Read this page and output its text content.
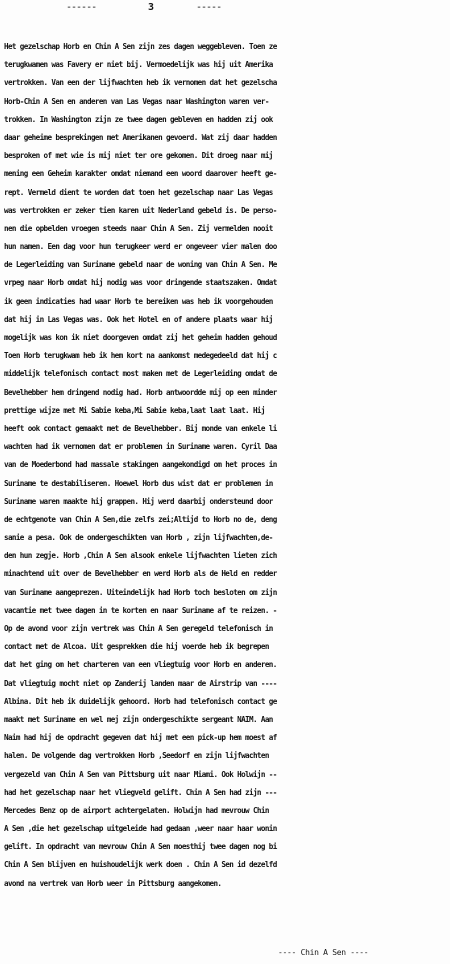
------	3	-----
Het gezelschap Horb en Chin A Sen zijn zes dagen weggebleven. Toen ze
terugkwamen was Favery er niet bij. Vermoedelijk was hij uit Amerika
vertrokken. Van een der lijfwachten heb ik vernomen dat het gezelscha
Horb-Chin A Sen en anderen van Las Vegas naar Washington waren ver-
trokken. In Washington zijn ze twee dagen gebleven en hadden zij ook
daar geheime besprekingen met Amerikanen gevoerd. Wat zij daar hadden
besproken of met wie is mij niet ter ore gekomen. Dit droeg naar mij
mening een Geheim karakter omdat niemand een woord daarover heeft ge-
rept. Vermeld dient te worden dat toen het gezelschap naar Las Vegas
was vertrokken er zeker tien karen uit Nederland gebeld is. De perso-
nen die opbelden vroegen steeds naar Chin A Sen. Zij vermelden nooit
hun namen. Een dag voor hun terugkeer werd er ongeveer vier malen doo
de Legerleiding van Suriname gebeld naar de woning van Chin A Sen. Me
vrpeg naar Horb omdat hij nodig was voor dringende staatszaken. Omdat
ik geen indicaties had waar Horb te bereiken was heb ik voorgehouden
dat hij in Las Vegas was. Ook het Hotel en of andere plaats waar hij
mogelijk was kon ik niet doorgeven omdat zij het geheim hadden gehoud
Toen Horb terugkwam heb ik hem kort na aankomst medegedeeld dat hij c
middelijk telefonisch contact most maken met de Legerleiding omdat de
Bevelhebber hem dringend nodig had. Horb antwoordde mij op een minder
prettige wijze met Mi Sabie keba,Mi Sabie keba,laat laat laat. Hij
heeft ook contact gemaakt met de Bevelhebber. Bij monde van enkele li
wachten had ik vernomen dat er problemen in Suriname waren. Cyril Daa
van de Moederbond had massale stakingen aangekondigd om het proces in
Suriname te destabiliseren. Hoewel Horb dus wist dat er problemen in
Suriname waren maakte hij grappen. Hij werd daarbij ondersteund door
de echtgenote van Chin A Sen,die zelfs zei;Altijd to Horb no de, deng
sanie a pesa. Ook de ondergeschikten van Horb , zijn lijfwachten,de-
den hun zegje. Horb ,Chin A Sen alsook enkele lijfwachten lieten zich
minachtend uit over de Bevelhebber en werd Horb als de Held en redder
van Suriname aangeprezen. Uiteindelijk had Horb toch besloten om zijn
vacantie met twee dagen in te korten en naar Suriname af te reizen. -
Op de avond voor zijn vertrek was Chin A Sen geregeld telefonisch in
contact met de Alcoa. Uit gesprekken die hij voerde heb ik begrepen
dat het ging om het charteren van een vliegtuig voor Horb en anderen.
Dat vliegtuig mocht niet op Zanderij landen maar de Airstrip van ----
Albina. Dit heb ik duidelijk gehoord. Horb had telefonisch contact ge
maakt met Suriname en wel mej zijn ondergeschikte sergeant NAIM. Aan
Naim had hij de opdracht gegeven dat hij met een pick-up hem moest af
halen. De volgende dag vertrokken Horb ,Seedorf en zijn lijfwachten
vergezeld van Chin A Sen van Pittsburg uit naar Miami. Ook Holwijn --
had het gezelschap naar het vliegveld gelift. Chin A Sen had zijn ---
Mercedes Benz op de airport achtergelaten. Holwijn had mevrouw Chin
A Sen ,die het gezelschap uitgeleide had gedaan ,weer naar haar wonin
gelift. In opdracht van mevrouw Chin A Sen moesthij twee dagen nog bi
Chin A Sen blijven en huishoudelijk werk doen . Chin A Sen id dezelfd
avond na vertrek van Horb weer in Pittsburg aangekomen.
---- Chin A Sen ----
